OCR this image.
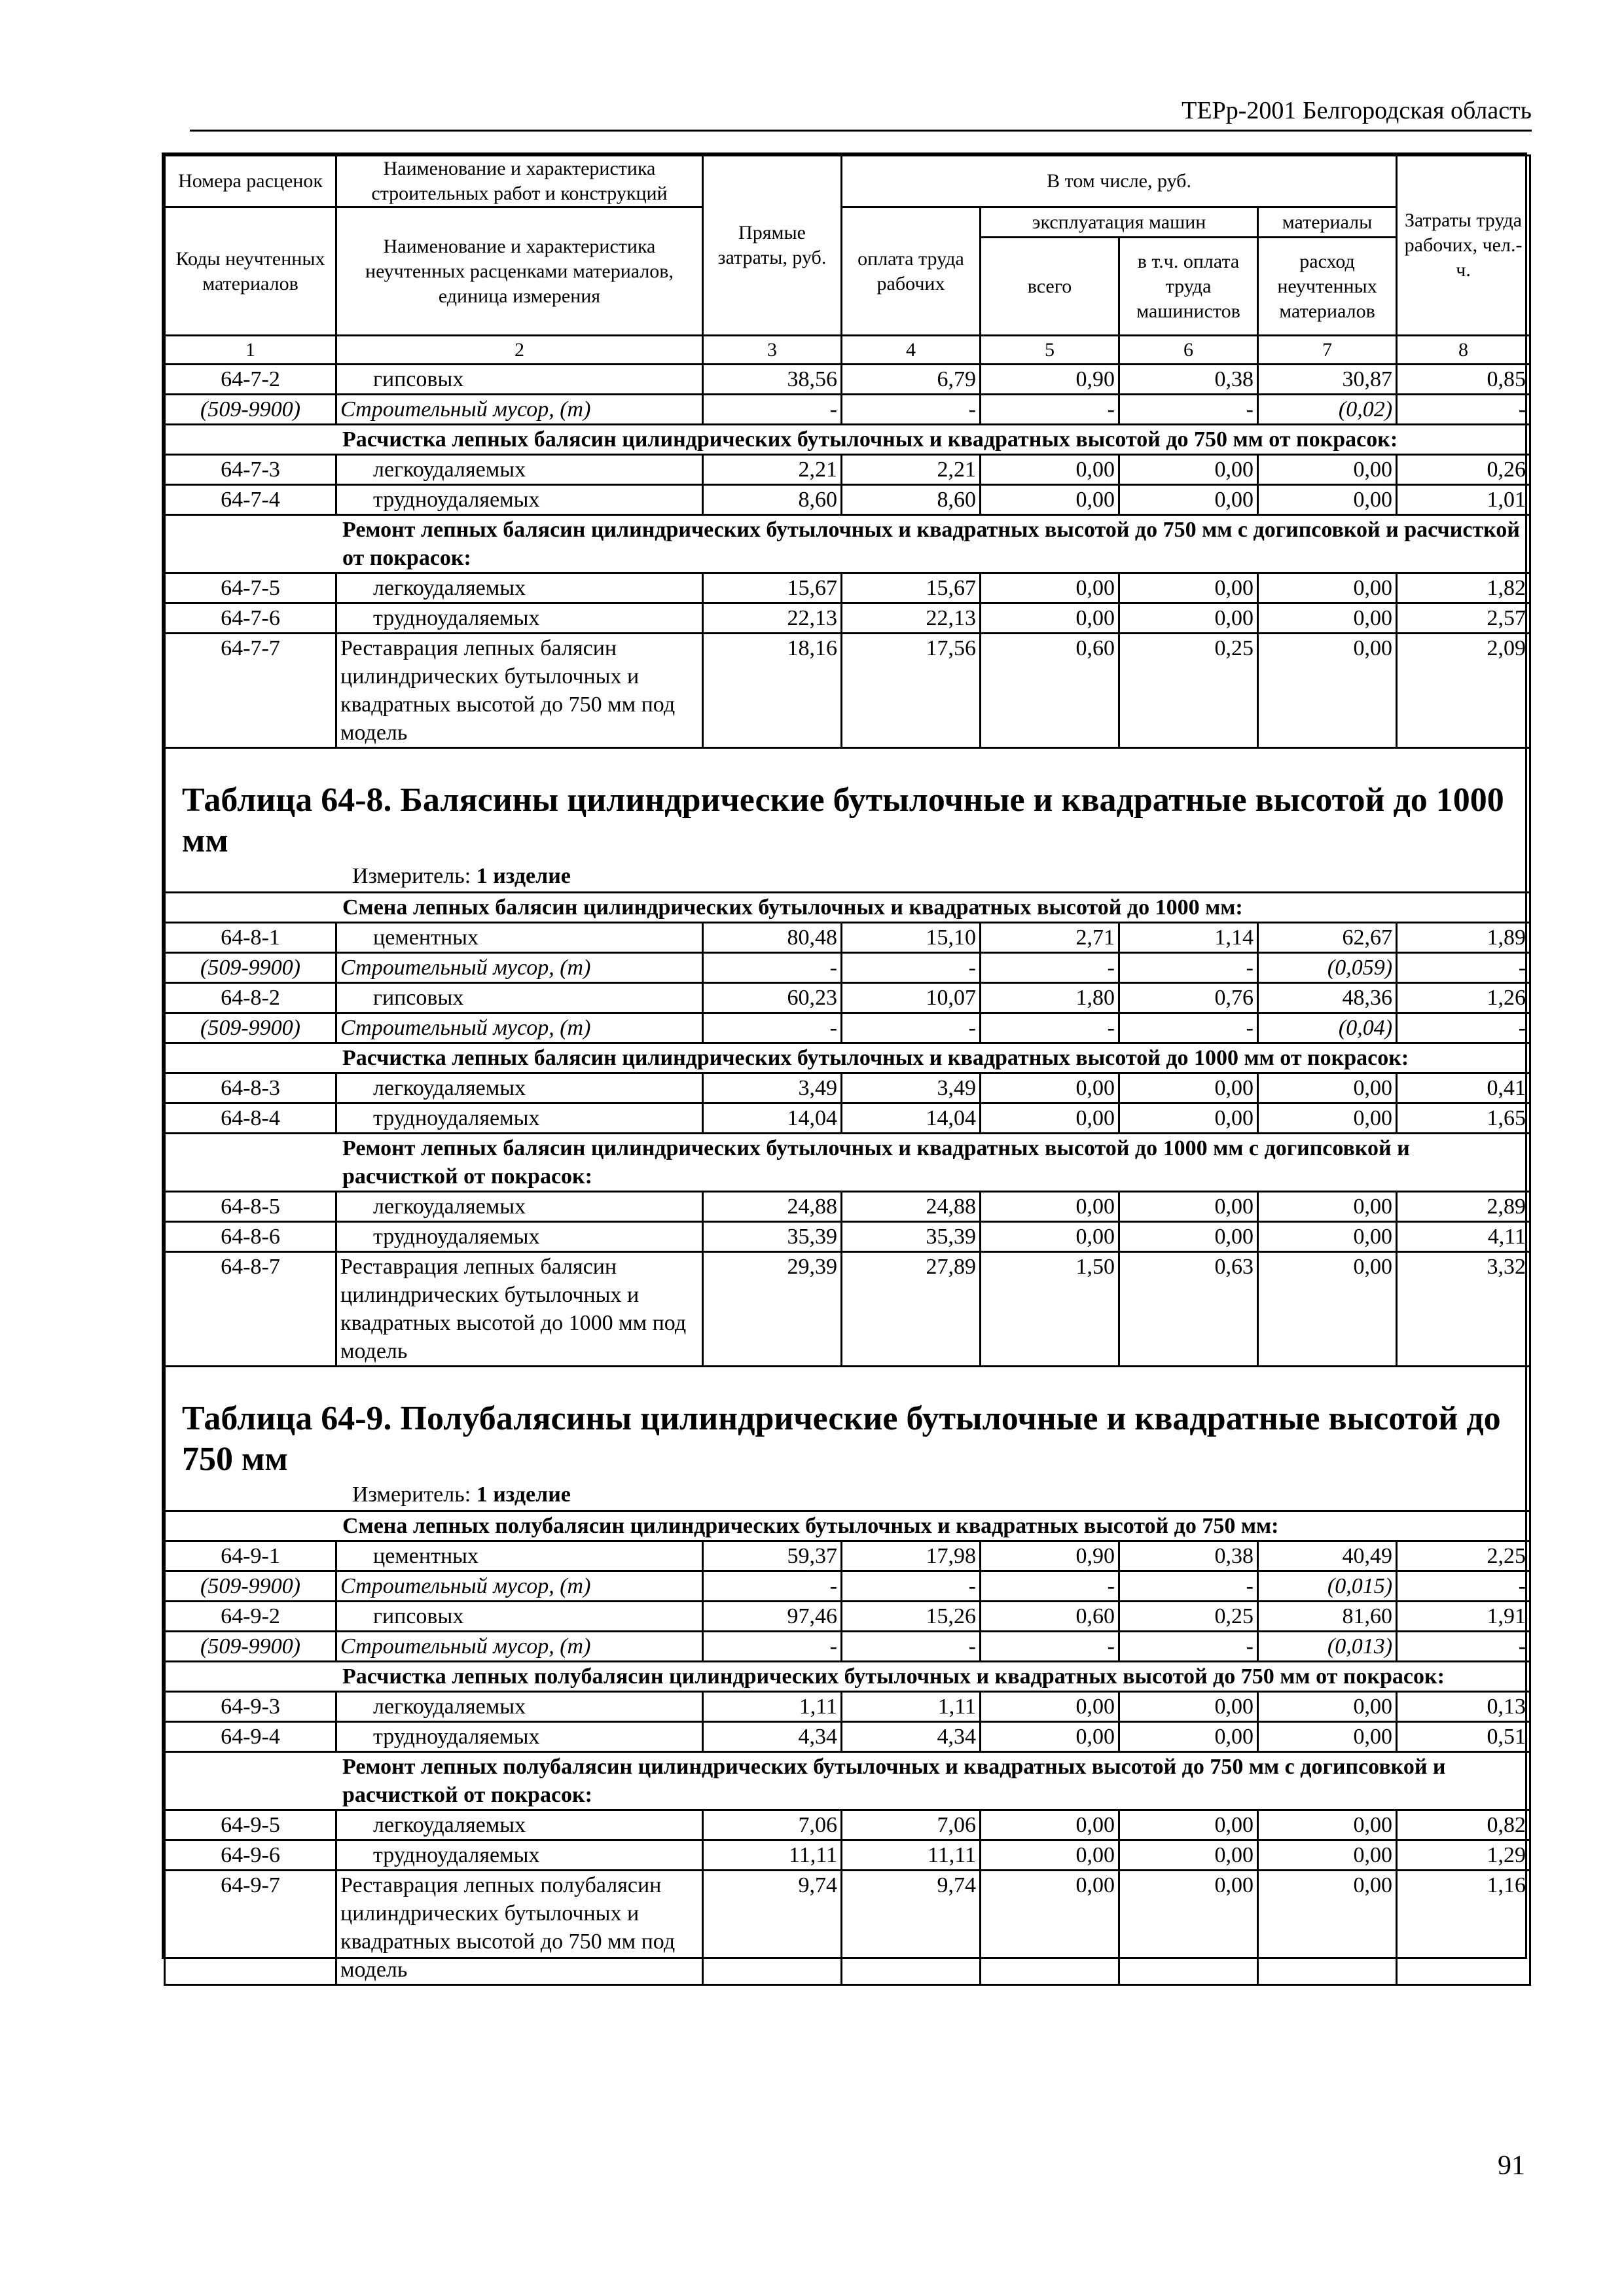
ТЕРр-2001 Белгородская область
Номера расценок	Наименование и характеристика строительных работ и конструкций	Прямые затраты, руб.	В том числе, руб.				Затраты труда рабочих, чел.-ч.
Коды неучтенных материалов	Наименование и характеристика неучтенных расценками материалов, единица измерения		оплата труда рабочих	эксплуатация машин		материалы	
				всего	в т.ч. оплата труда машинистов	расход неучтенных материалов	
1	2	3	4	5	6	7	8
64-7-2	гипсовых	38,56	6,79	0,90	0,38	30,87	0,85
(509-9900)	Строительный мусор, (т)	-	-	-	-	(0,02)	-
Расчистка лепных балясин цилиндрических бутылочных и квадратных высотой до 750 мм от покрасок:							
64-7-3	легкоудаляемых	2,21	2,21	0,00	0,00	0,00	0,26
64-7-4	трудноудаляемых	8,60	8,60	0,00	0,00	0,00	1,01
Ремонт лепных балясин цилиндрических бутылочных и квадратных высотой до 750 мм с догипсовкой и расчисткой от покрасок:							
64-7-5	легкоудаляемых	15,67	15,67	0,00	0,00	0,00	1,82
64-7-6	трудноудаляемых	22,13	22,13	0,00	0,00	0,00	2,57
64-7-7	Реставрация лепных балясин цилиндрических бутылочных и квадратных высотой до 750 мм под модель	18,16	17,56	0,60	0,25	0,00	2,09

Таблица 64-8. Балясины цилиндрические бутылочные и квадратные высотой до 1000 мм
Измеритель: 1 изделие							

Смена лепных балясин цилиндрических бутылочных и квадратных высотой до 1000 мм:							
64-8-1	цементных	80,48	15,10	2,71	1,14	62,67	1,89
(509-9900)	Строительный мусор, (т)	-	-	-	-	(0,059)	-
64-8-2	гипсовых	60,23	10,07	1,80	0,76	48,36	1,26
(509-9900)	Строительный мусор, (т)	-	-	-	-	(0,04)	-
Расчистка лепных балясин цилиндрических бутылочных и квадратных высотой до 1000 мм от покрасок:							
64-8-3	легкоудаляемых	3,49	3,49	0,00	0,00	0,00	0,41
64-8-4	трудноудаляемых	14,04	14,04	0,00	0,00	0,00	1,65
Ремонт лепных балясин цилиндрических бутылочных и квадратных высотой до 1000 мм с догипсовкой и расчисткой от покрасок:							
64-8-5	легкоудаляемых	24,88	24,88	0,00	0,00	0,00	2,89
64-8-6	трудноудаляемых	35,39	35,39	0,00	0,00	0,00	4,11
64-8-7	Реставрация лепных балясин цилиндрических бутылочных и квадратных высотой до 1000 мм под модель	29,39	27,89	1,50	0,63	0,00	3,32

Таблица 64-9. Полубалясины цилиндрические бутылочные и квадратные высотой до 750 мм
Измеритель: 1 изделие							

Смена лепных полубалясин цилиндрических бутылочных и квадратных высотой до 750 мм:							
64-9-1	цементных	59,37	17,98	0,90	0,38	40,49	2,25
(509-9900)	Строительный мусор, (т)	-	-	-	-	(0,015)	-
64-9-2	гипсовых	97,46	15,26	0,60	0,25	81,60	1,91
(509-9900)	Строительный мусор, (т)	-	-	-	-	(0,013)	-
Расчистка лепных полубалясин цилиндрических бутылочных и квадратных высотой до 750 мм от покрасок:							
64-9-3	легкоудаляемых	1,11	1,11	0,00	0,00	0,00	0,13
64-9-4	трудноудаляемых	4,34	4,34	0,00	0,00	0,00	0,51
Ремонт лепных полубалясин цилиндрических бутылочных и квадратных высотой до 750 мм с догипсовкой и расчисткой от покрасок:							
64-9-5	легкоудаляемых	7,06	7,06	0,00	0,00	0,00	0,82
64-9-6	трудноудаляемых	11,11	11,11	0,00	0,00	0,00	1,29
64-9-7	Реставрация лепных полубалясин цилиндрических бутылочных и квадратных высотой до 750 мм под модель	9,74	9,74	0,00	0,00	0,00	1,16
91
